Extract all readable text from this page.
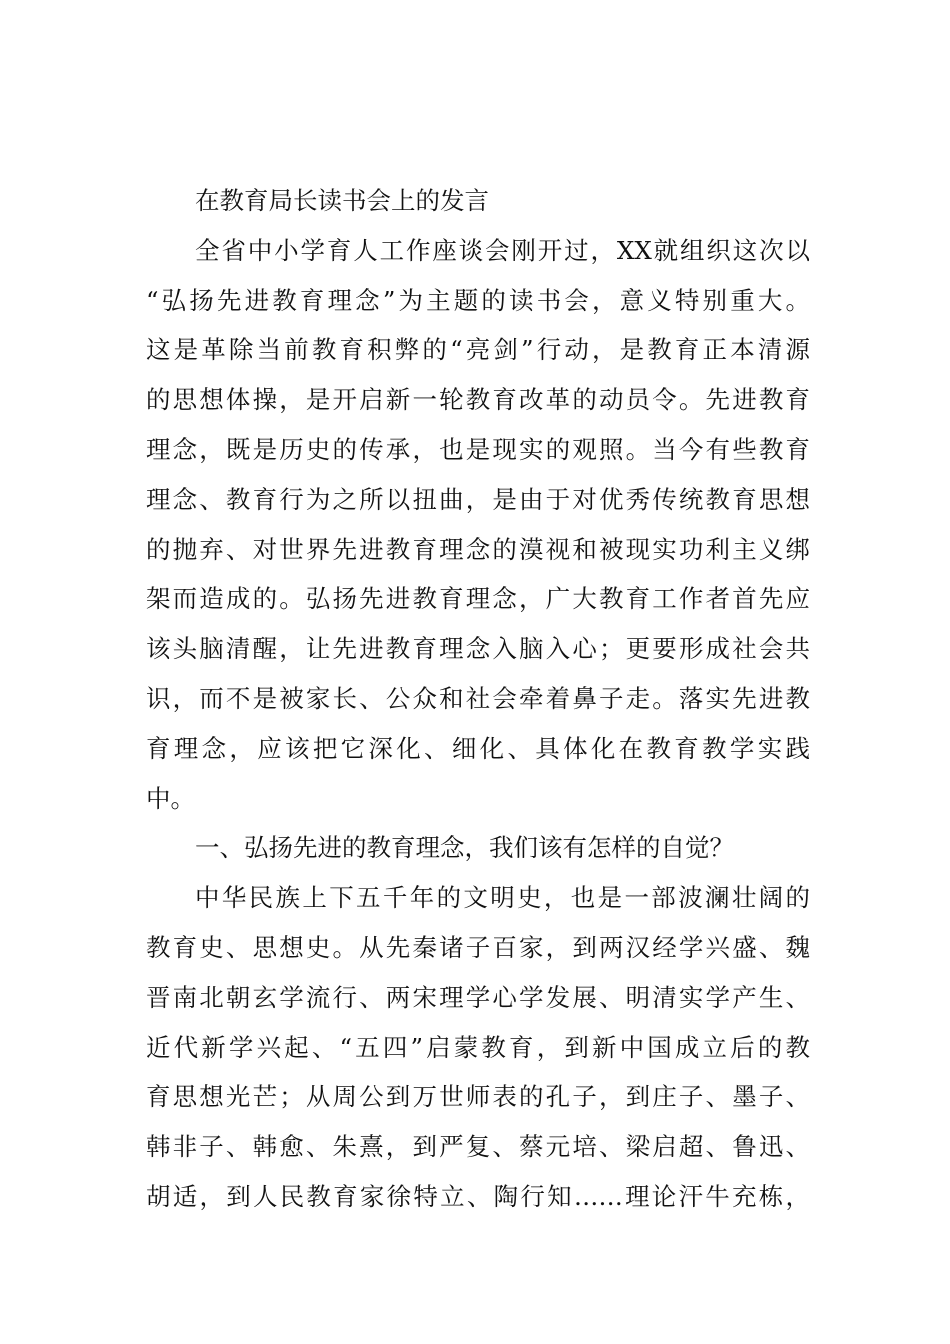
在教育局长读书会上的发言
全省中小学育人工作座谈会刚开过，XX就组织这次以
“弘扬先进教育理念”为主题的读书会，意义特别重大。
这是革除当前教育积弊的“亮剑”行动，是教育正本清源
的思想体操，是开启新一轮教育改革的动员令。先进教育
理念，既是历史的传承，也是现实的观照。当今有些教育
理念、教育行为之所以扭曲，是由于对优秀传统教育思想
的抛弃、对世界先进教育理念的漠视和被现实功利主义绑
架而造成的。弘扬先进教育理念，广大教育工作者首先应
该头脑清醒，让先进教育理念入脑入心；更要形成社会共
识，而不是被家长、公众和社会牵着鼻子走。落实先进教
育理念，应该把它深化、细化、具体化在教育教学实践
中。
一、弘扬先进的教育理念，我们该有怎样的自觉？
中华民族上下五千年的文明史，也是一部波澜壮阔的
教育史、思想史。从先秦诸子百家，到两汉经学兴盛、魏
晋南北朝玄学流行、两宋理学心学发展、明清实学产生、
近代新学兴起、“五四”启蒙教育，到新中国成立后的教
育思想光芒；从周公到万世师表的孔子，到庄子、墨子、
韩非子、韩愈、朱熹，到严复、蔡元培、梁启超、鲁迅、
胡适，到人民教育家徐特立、陶行知……理论汗牛充栋，
